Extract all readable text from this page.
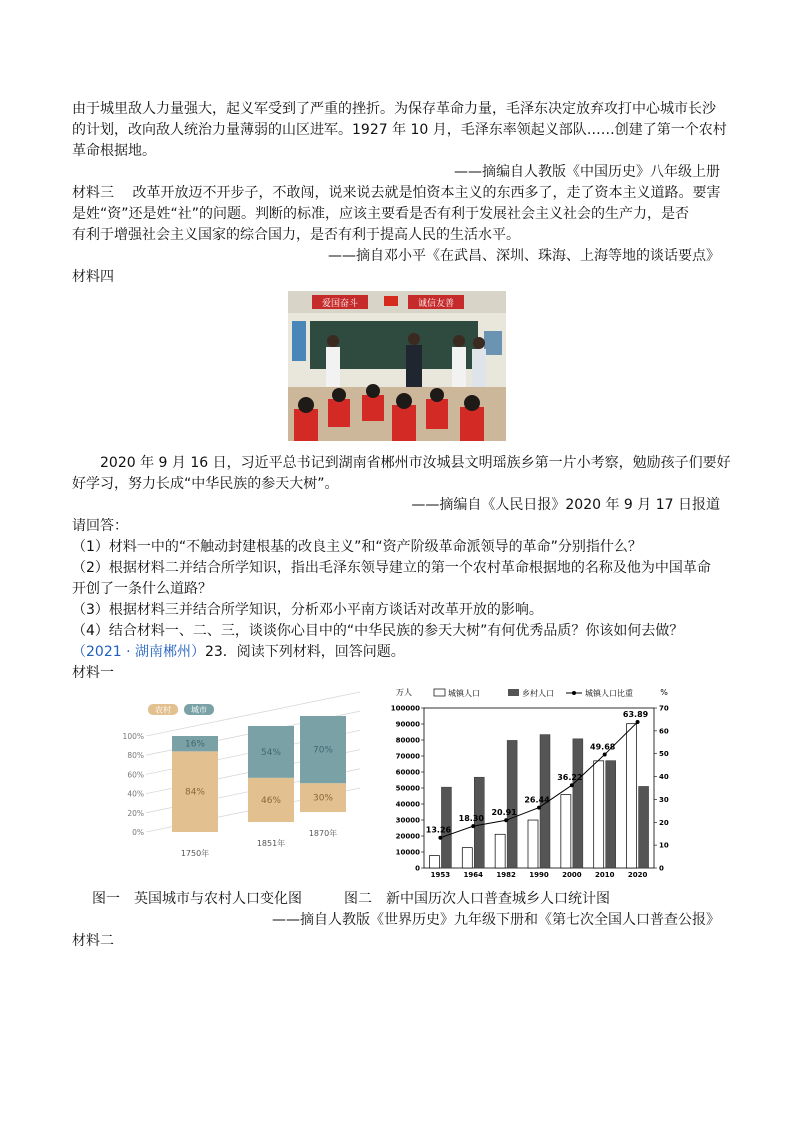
由于城里敌人力量强大，起义军受到了严重的挫折。为保存革命力量，毛泽东决定放弃攻打中心城市长沙
的计划，改向敌人统治力量薄弱的山区进军。1927 年 10 月，毛泽东率领起义部队……创建了第一个农村
革命根据地。
——摘编自人教版《中国历史》八年级上册
材料三　 改革开放迈不开步子，不敢闯，说来说去就是怕资本主义的东西多了，走了资本主义道路。要害
是姓“资”还是姓“社”的问题。判断的标准，应该主要看是否有利于发展社会主义社会的生产力，是否
有利于增强社会主义国家的综合国力，是否有利于提高人民的生活水平。
——摘自邓小平《在武昌、深圳、珠海、上海等地的谈话要点》
材料四
爱国奋斗	诚信友善
2020 年 9 月 16 日，习近平总书记到湖南省郴州市汝城县文明瑶族乡第一片小考察，勉励孩子们要好
好学习，努力长成“中华民族的参天大树”。
——摘编自《人民日报》2020 年 9 月 17 日报道
请回答：
（1）材料一中的“不触动封建根基的改良主义”和“资产阶级革命派领导的革命”分别指什么？
（2）根据材料二并结合所学知识，指出毛泽东领导建立的第一个农村革命根据地的名称及他为中国革命
开创了一条什么道路？
（3）根据材料三并结合所学知识，分析邓小平南方谈话对改革开放的影响。
（4）结合材料一、二、三，谈谈你心目中的“中华民族的参天大树”有何优秀品质？你该如何去做？
（2021 · 湖南郴州）23．阅读下列材料，回答问题。
材料一
0%
20%
40%
60%
80%
100%
84%
16%
46%
54%
30%
70%
农村	城市
1750年
1851年
1870年
万人	%
城镇人口	乡村人口	城镇人口比重
0
10000
20000
30000
40000
50000
60000
70000
80000
90000
100000
0
10
20
30
40
50
60
70
13.26
18.30
20.91
26.44
36.22
49.68
63.89
1953 1964 1982 1990 2000 2010 2020
图一　英国城市与农村人口变化图	图二　新中国历次人口普查城乡人口统计图
——摘自人教版《世界历史》九年级下册和《第七次全国人口普查公报》
材料二
